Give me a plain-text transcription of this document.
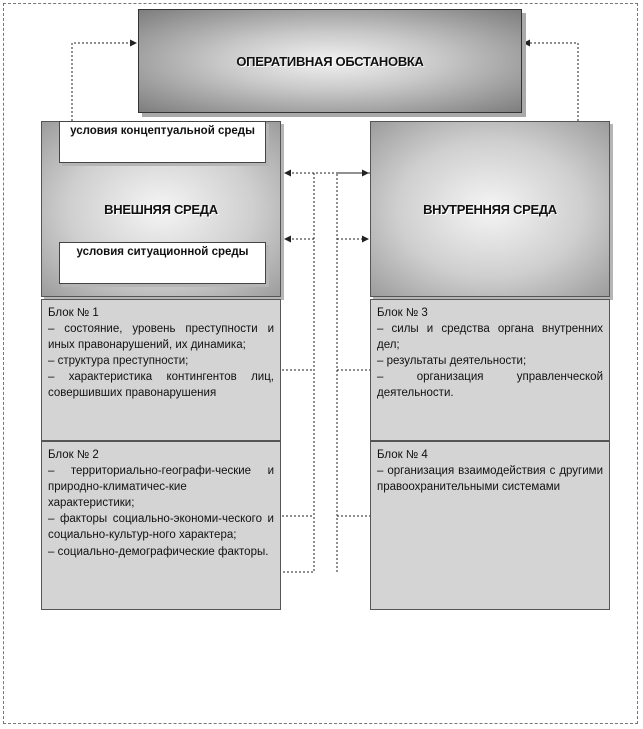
ОПЕРАТИВНАЯ ОБСТАНОВКА
ВНЕШНЯЯ СРЕДА
условия концептуальной среды
условия ситуационной среды
ВНУТРЕННЯЯ СРЕДА
Блок № 1

– состояние, уровень преступности и иных правонарушений, их динамика;

– структура преступности;

– характеристика контингентов лиц, совершивших правонарушения

Блок № 2

– территориально-географи-ческие и природно-климатичес-кие характеристики;

– факторы социально-экономи-ческого и социально-культур-ного характера;

– социально-демографические факторы.

Блок № 3

– силы и средства органа внутренних дел;

– результаты деятельности;

– организация управленческой деятельности.

Блок № 4

– организация взаимодействия с другими правоохранительными системами
